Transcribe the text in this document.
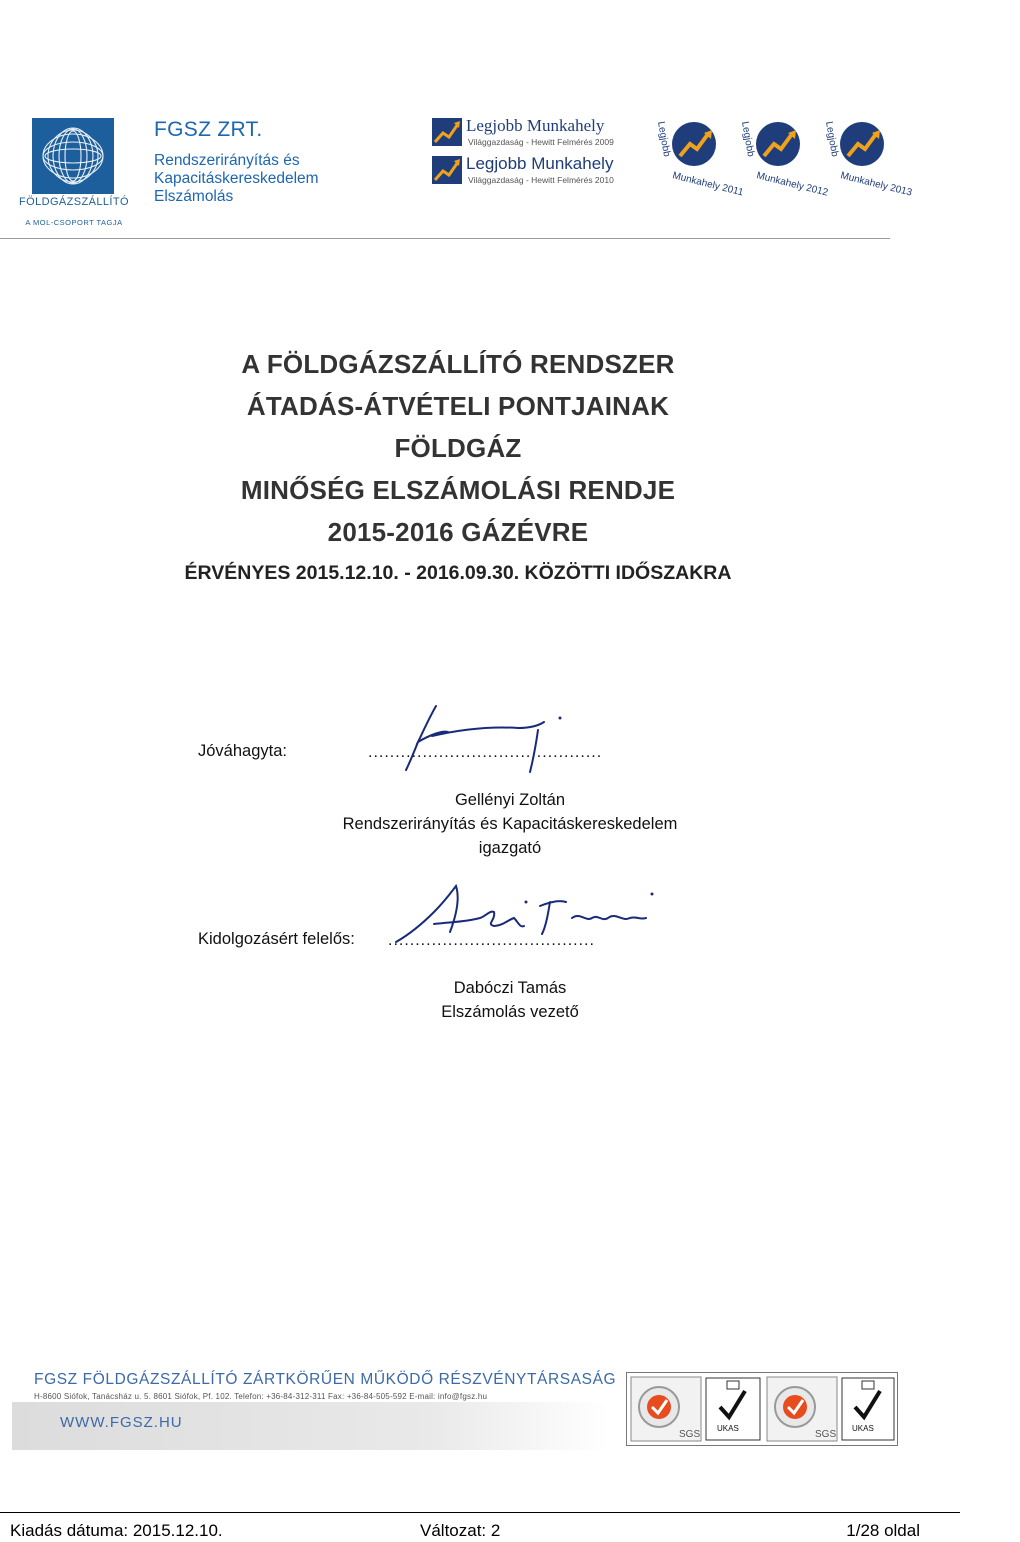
FÖLDGÁZSZÁLLÍTÓ
A MOL-CSOPORT TAGJA
FGSZ ZRT.
Rendszerirányítás és
Kapacitáskereskedelem
Elszámolás
Legjobb Munkahely
Világgazdaság - Hewitt Felmérés 2009
Legjobb Munkahely
Világgazdaság - Hewitt Felmérés 2010
Legjobb
Munkahely 2011
Legjobb
Munkahely 2012
Legjobb
Munkahely 2013
A FÖLDGÁZSZÁLLÍTÓ RENDSZER
ÁTADÁS-ÁTVÉTELI PONTJAINAK
FÖLDGÁZ
MINŐSÉG ELSZÁMOLÁSI RENDJE
2015-2016 GÁZÉVRE
ÉRVÉNYES 2015.12.10. - 2016.09.30. KÖZÖTTI IDŐSZAKRA
Jóváhagyta:	...........................................
Gellényi Zoltán
Rendszerirányítás és Kapacitáskereskedelem
igazgató
Kidolgozásért felelős: ......................................
Dabóczi Tamás
Elszámolás vezető
FGSZ FÖLDGÁZSZÁLLÍTÓ ZÁRTKÖRŰEN MŰKÖDŐ RÉSZVÉNYTÁRSASÁG
H-8600 Siófok, Tanácsház u. 5. 8601 Siófok, Pf. 102. Telefon: +36-84-312-311 Fax: +36-84-505-592 E-mail: info@fgsz.hu
WWW.FGSZ.HU
SGS
UKAS
SGS
UKAS
Kiadás dátuma: 2015.12.10.	Változat: 2	1/28 oldal
